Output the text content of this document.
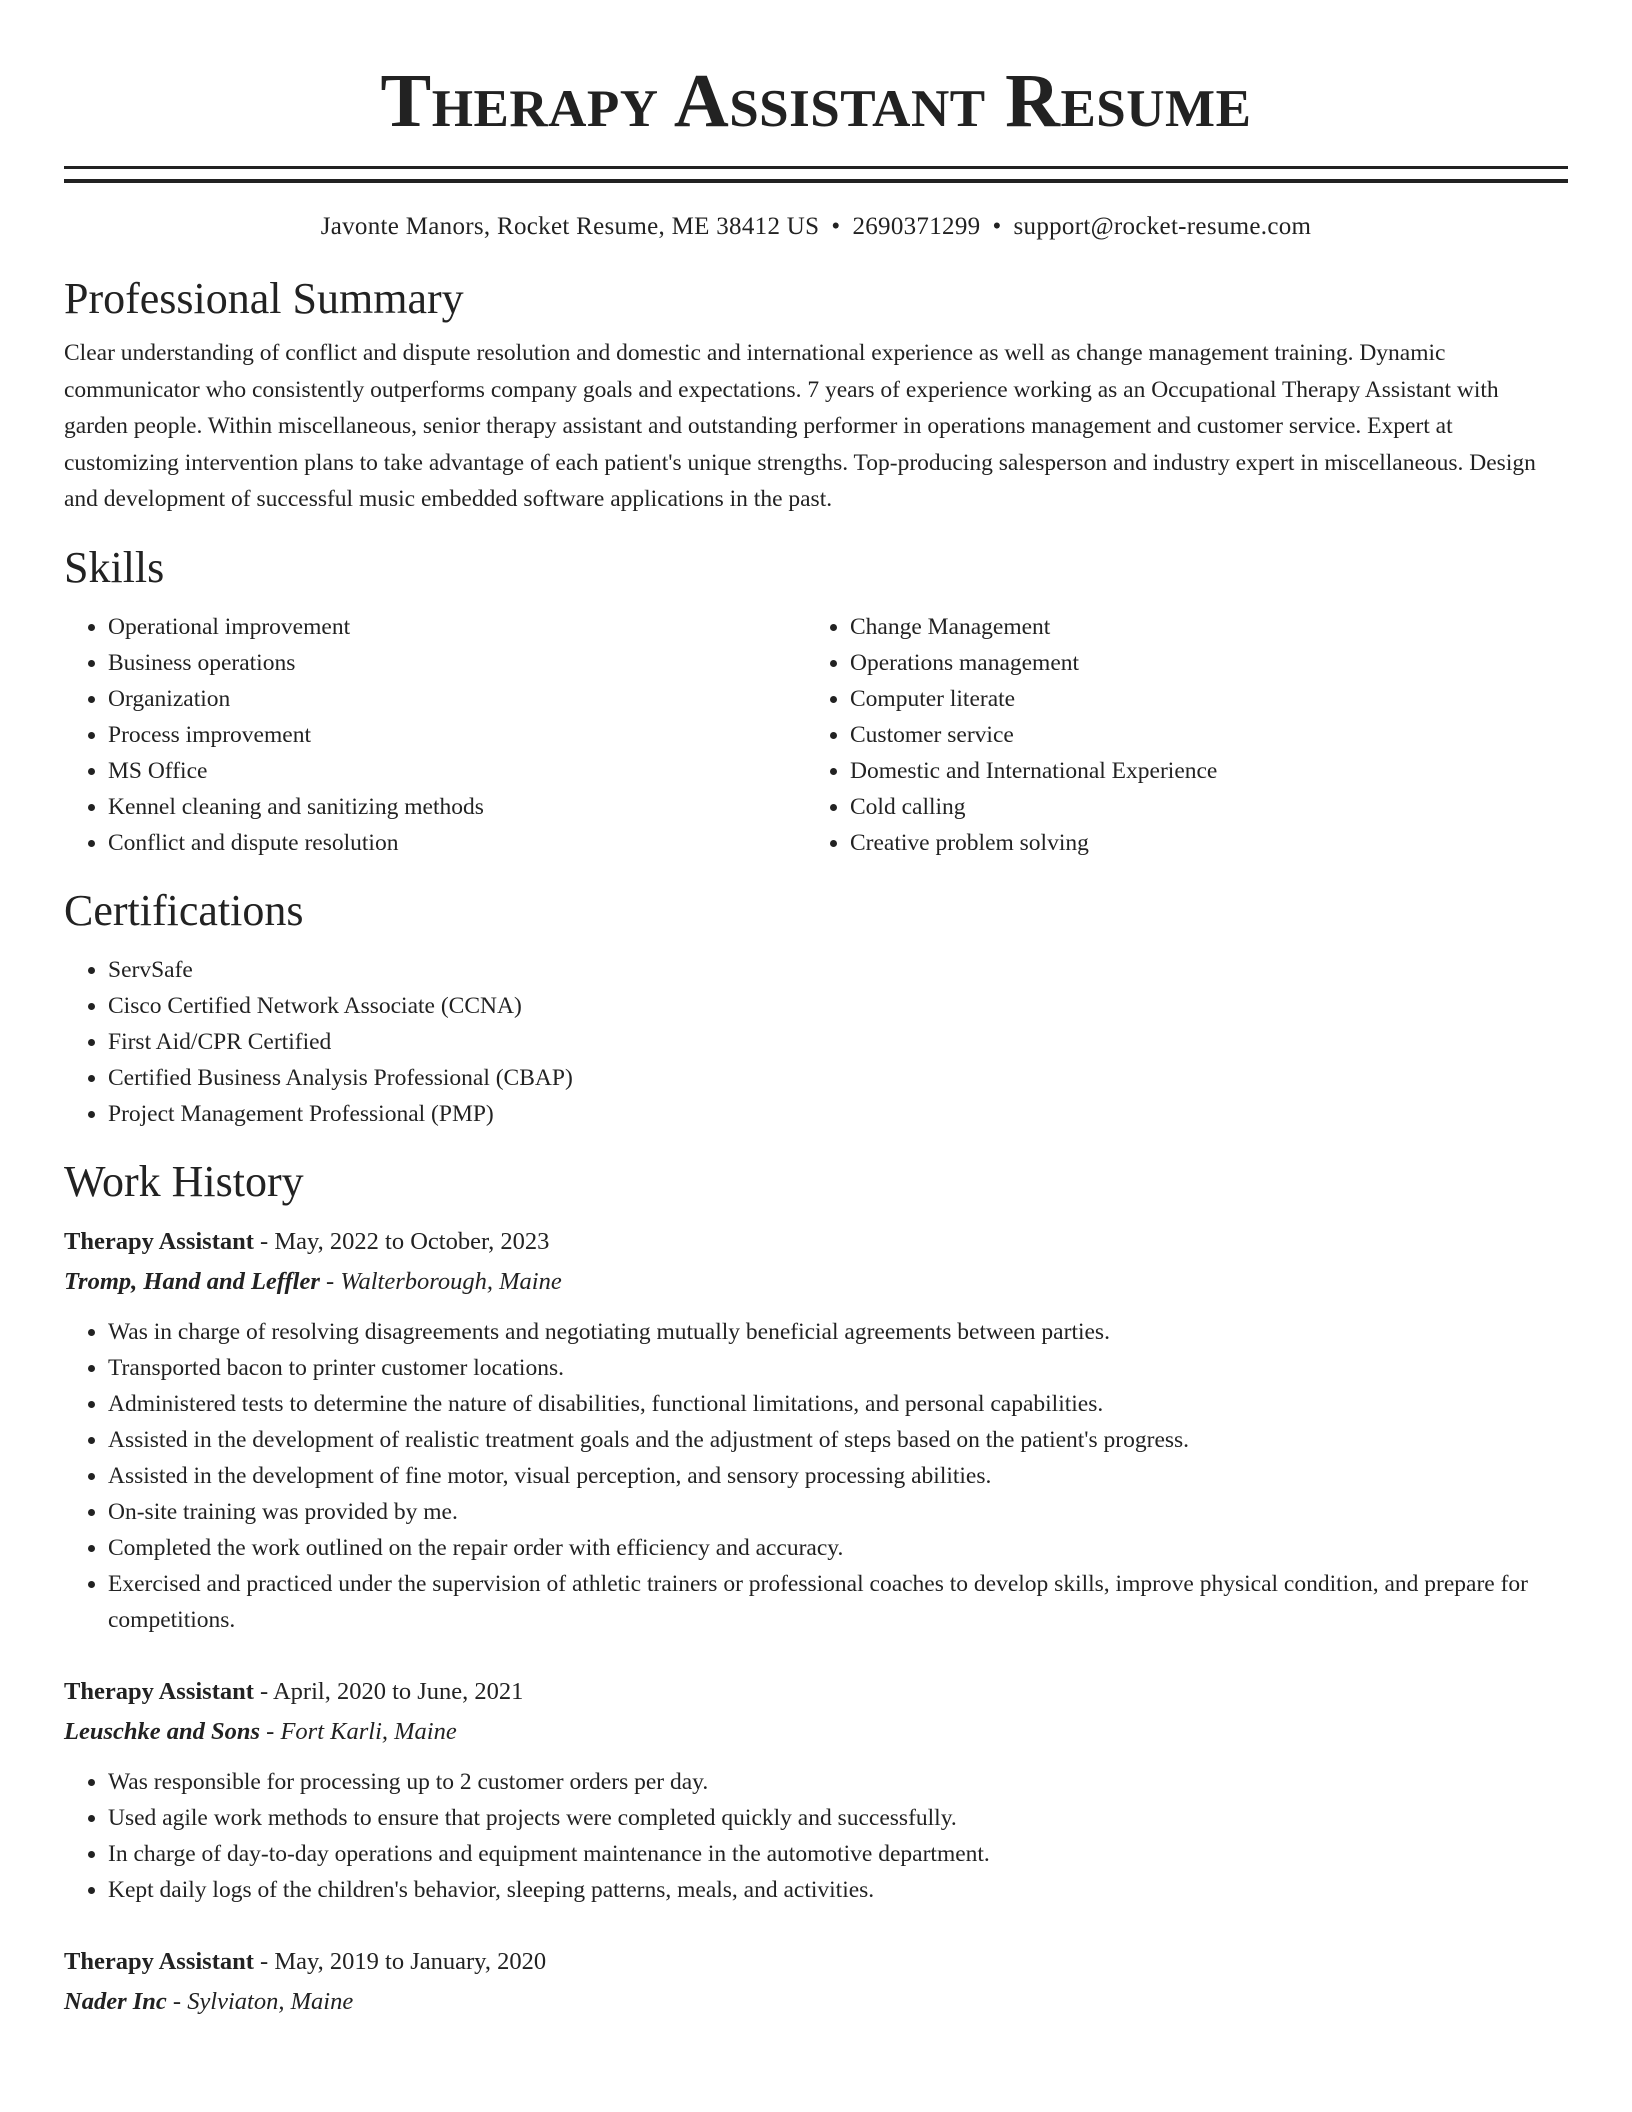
Therapy Assistant Resume
Javonte Manors, Rocket Resume, ME 38412 US • 2690371299 • support@rocket-resume.com
Professional Summary

Clear understanding of conflict and dispute resolution and domestic and international experience as well as change management training. Dynamic communicator who consistently outperforms company goals and expectations. 7 years of experience working as an Occupational Therapy Assistant with garden people. Within miscellaneous, senior therapy assistant and outstanding performer in operations management and customer service. Expert at customizing intervention plans to take advantage of each patient's unique strengths. Top-producing salesperson and industry expert in miscellaneous. Design and development of successful music embedded software applications in the past.

Skills
• Operational improvement
• Business operations
• Organization
• Process improvement
• MS Office
• Kennel cleaning and sanitizing methods
• Conflict and dispute resolution
• Change Management
• Operations management
• Computer literate
• Customer service
• Domestic and International Experience
• Cold calling
• Creative problem solving
Certifications
• ServSafe
• Cisco Certified Network Associate (CCNA)
• First Aid/CPR Certified
• Certified Business Analysis Professional (CBAP)
• Project Management Professional (PMP)
Work History
Therapy Assistant - May, 2022 to October, 2023
Tromp, Hand and Leffler - Walterborough, Maine
• Was in charge of resolving disagreements and negotiating mutually beneficial agreements between parties.
• Transported bacon to printer customer locations.
• Administered tests to determine the nature of disabilities, functional limitations, and personal capabilities.
• Assisted in the development of realistic treatment goals and the adjustment of steps based on the patient's progress.
• Assisted in the development of fine motor, visual perception, and sensory processing abilities.
• On-site training was provided by me.
• Completed the work outlined on the repair order with efficiency and accuracy.
• Exercised and practiced under the supervision of athletic trainers or professional coaches to develop skills, improve physical condition, and prepare for competitions.
Therapy Assistant - April, 2020 to June, 2021
Leuschke and Sons - Fort Karli, Maine
• Was responsible for processing up to 2 customer orders per day.
• Used agile work methods to ensure that projects were completed quickly and successfully.
• In charge of day-to-day operations and equipment maintenance in the automotive department.
• Kept daily logs of the children's behavior, sleeping patterns, meals, and activities.
Therapy Assistant - May, 2019 to January, 2020
Nader Inc - Sylviaton, Maine
